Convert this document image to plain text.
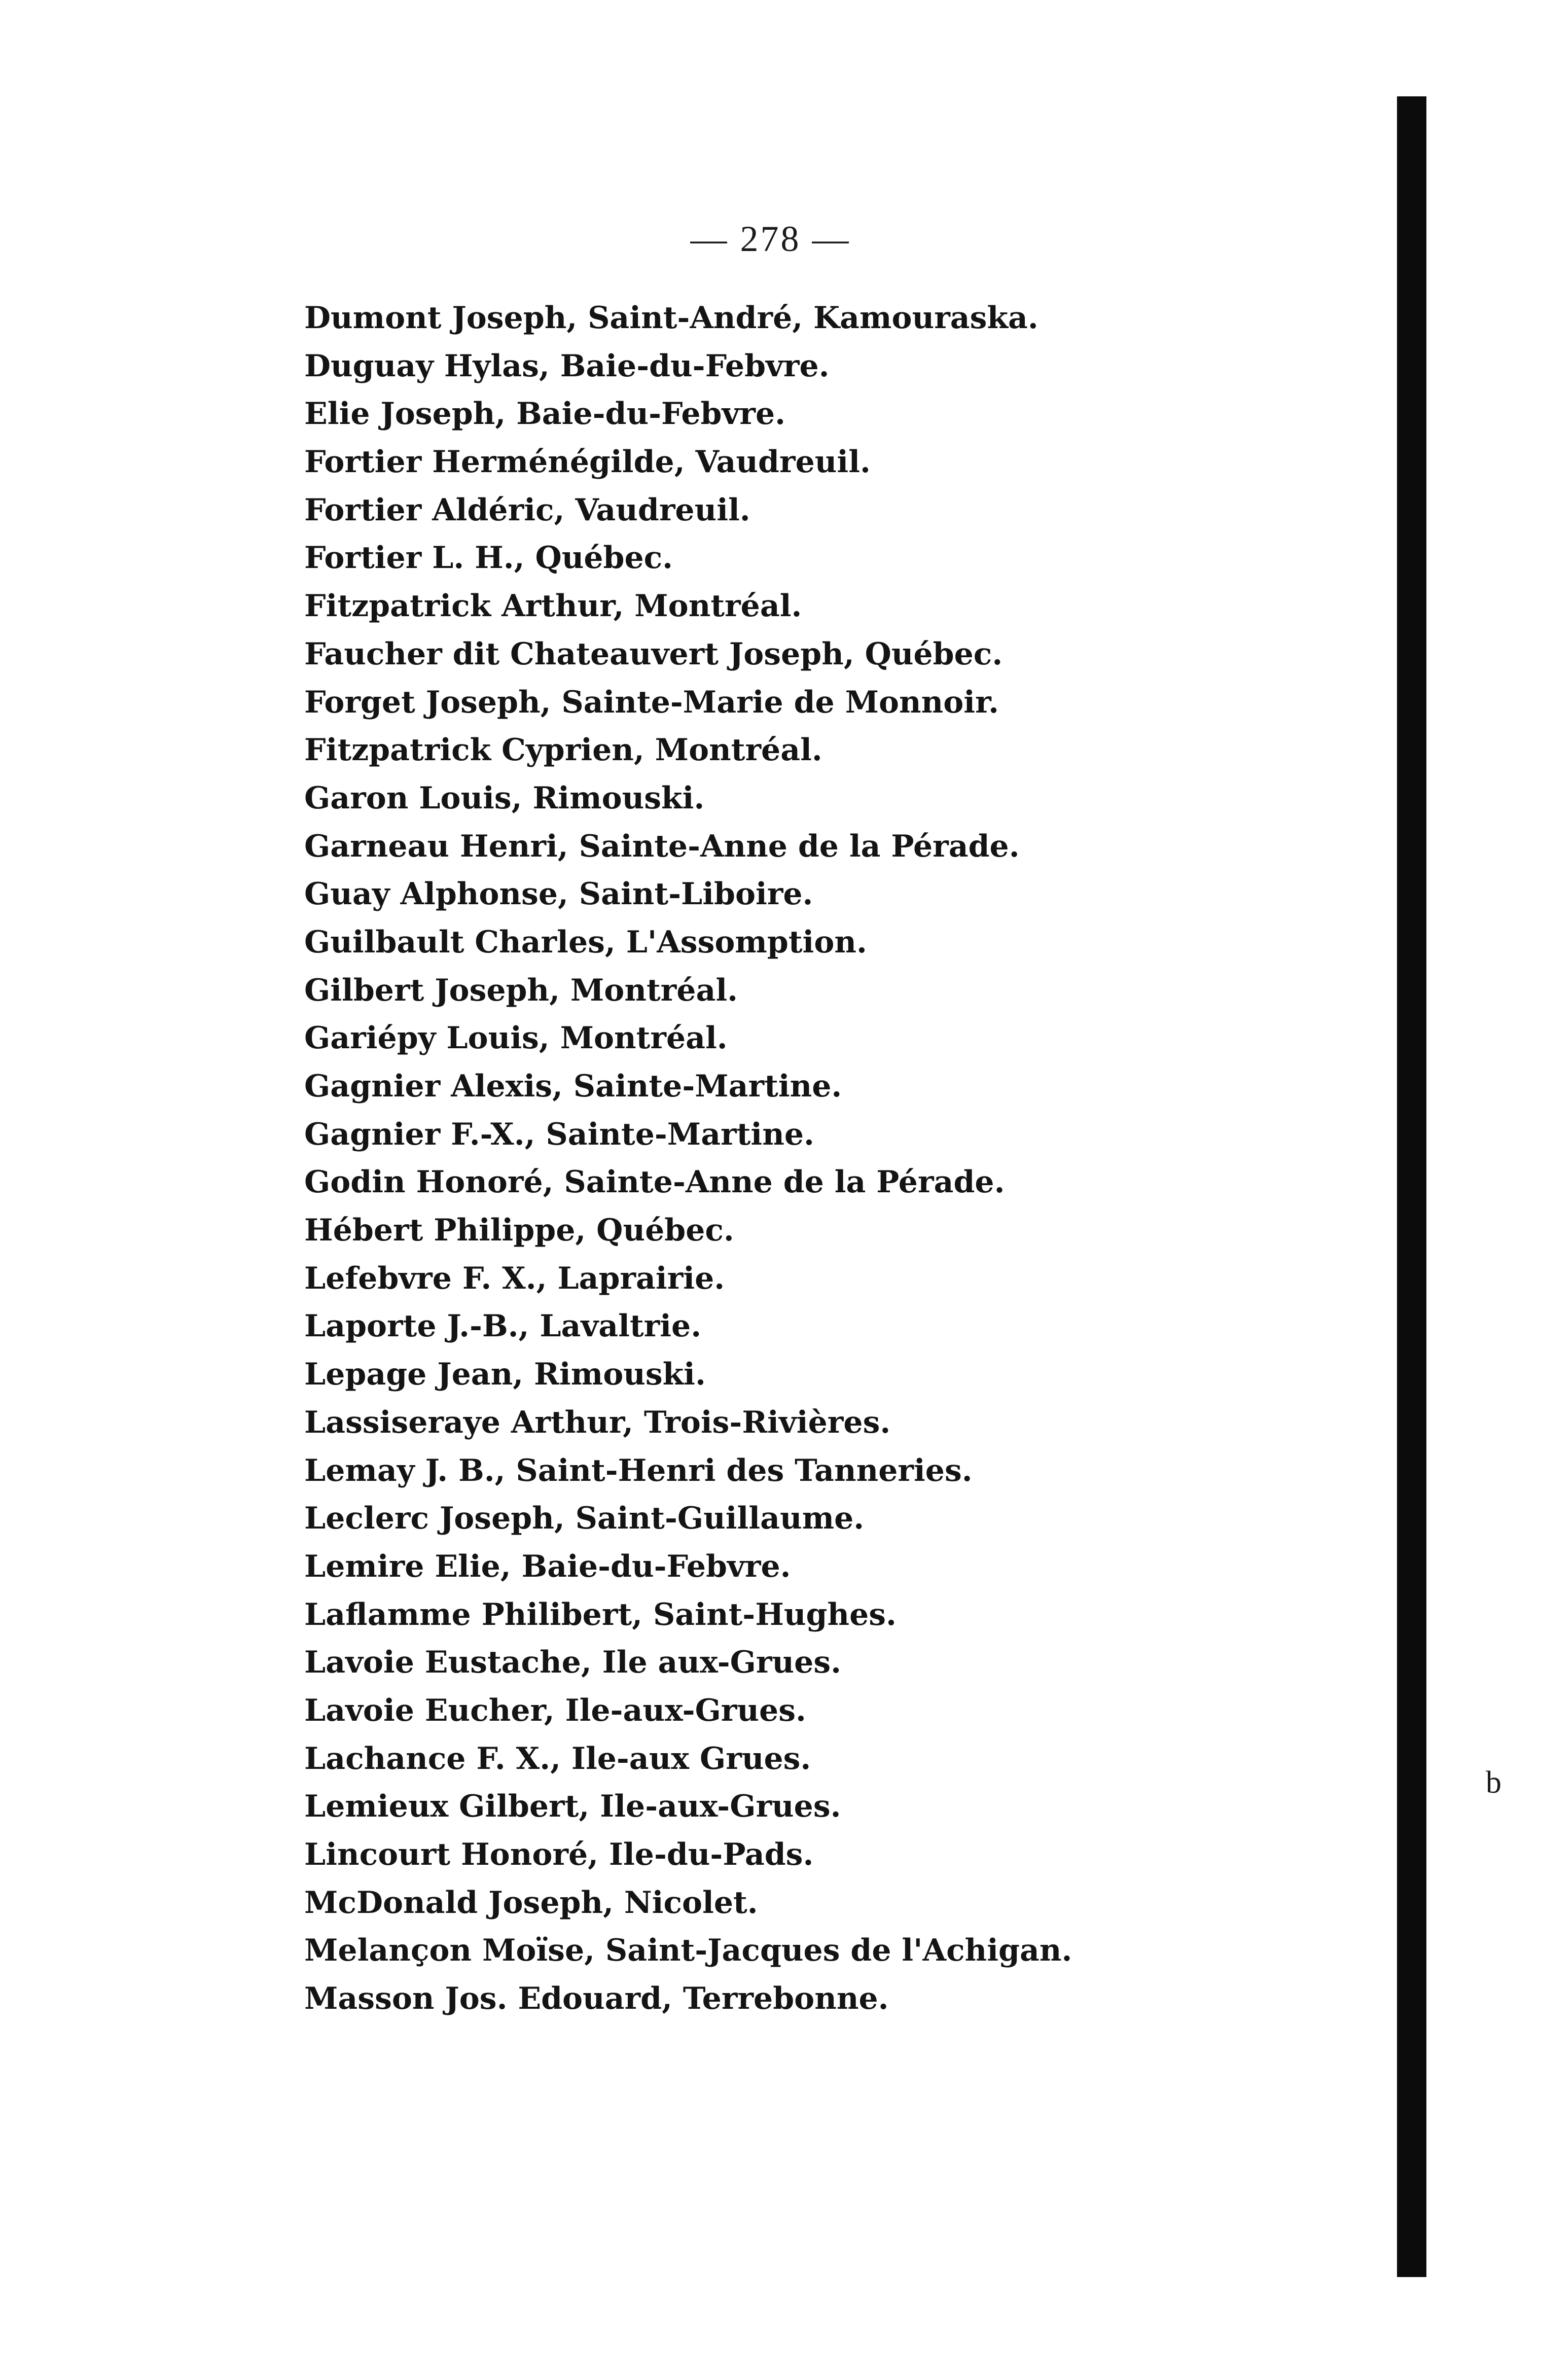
— 278 —
Dumont Joseph, Saint-André, Kamouraska.
Duguay Hylas, Baie-du-Febvre.
Elie Joseph, Baie-du-Febvre.
Fortier Herménégilde, Vaudreuil.
Fortier Aldéric, Vaudreuil.
Fortier L. H., Québec.
Fitzpatrick Arthur, Montréal.
Faucher dit Chateauvert Joseph, Québec.
Forget Joseph, Sainte-Marie de Monnoir.
Fitzpatrick Cyprien, Montréal.
Garon Louis, Rimouski.
Garneau Henri, Sainte-Anne de la Pérade.
Guay Alphonse, Saint-Liboire.
Guilbault Charles, L'Assomption.
Gilbert Joseph, Montréal.
Gariépy Louis, Montréal.
Gagnier Alexis, Sainte-Martine.
Gagnier F.-X., Sainte-Martine.
Godin Honoré, Sainte-Anne de la Pérade.
Hébert Philippe, Québec.
Lefebvre F. X., Laprairie.
Laporte J.-B., Lavaltrie.
Lepage Jean, Rimouski.
Lassiseraye Arthur, Trois-Rivières.
Lemay J. B., Saint-Henri des Tanneries.
Leclerc Joseph, Saint-Guillaume.
Lemire Elie, Baie-du-Febvre.
Laflamme Philibert, Saint-Hughes.
Lavoie Eustache, Ile aux-Grues.
Lavoie Eucher, Ile-aux-Grues.
Lachance F. X., Ile-aux Grues.
Lemieux Gilbert, Ile-aux-Grues.
Lincourt Honoré, Ile-du-Pads.
McDonald Joseph, Nicolet.
Melançon Moïse, Saint-Jacques de l'Achigan.
Masson Jos. Edouard, Terrebonne.
b
